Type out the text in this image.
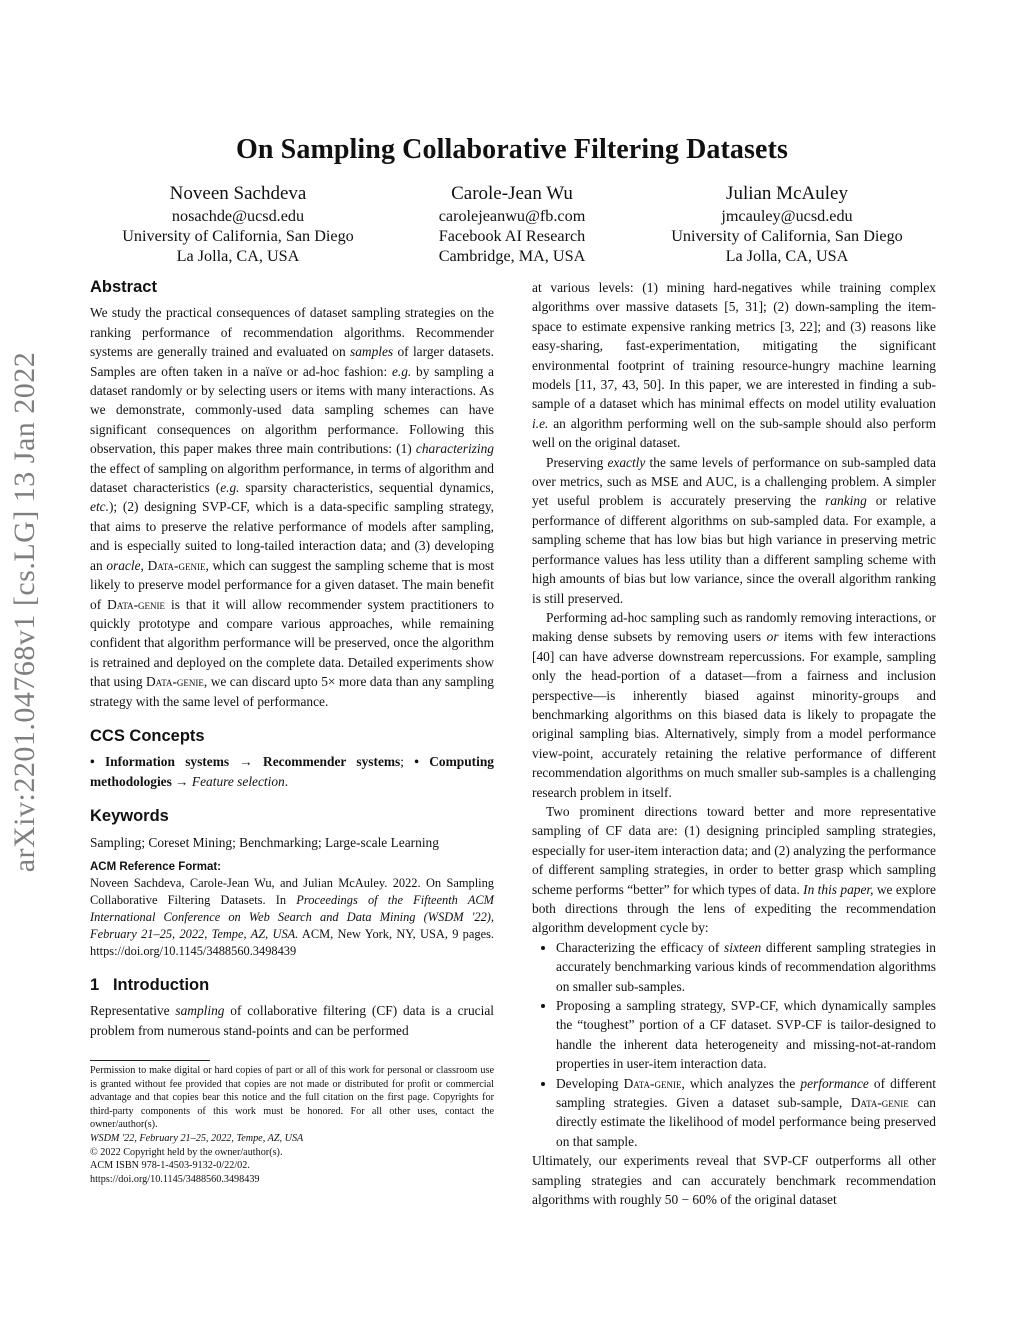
arXiv:2201.04768v1 [cs.LG] 13 Jan 2022
On Sampling Collaborative Filtering Datasets
Noveen Sachdeva
nosachde@ucsd.edu
University of California, San Diego
La Jolla, CA, USA
Carole-Jean Wu
carolejeanwu@fb.com
Facebook AI Research
Cambridge, MA, USA
Julian McAuley
jmcauley@ucsd.edu
University of California, San Diego
La Jolla, CA, USA

Abstract

We study the practical consequences of dataset sampling strategies on the ranking performance of recommendation algorithms. Recommender systems are generally trained and evaluated on samples of larger datasets. Samples are often taken in a naïve or ad-hoc fashion: e.g. by sampling a dataset randomly or by selecting users or items with many interactions. As we demonstrate, commonly-used data sampling schemes can have significant consequences on algorithm performance. Following this observation, this paper makes three main contributions: (1) characterizing the effect of sampling on algorithm performance, in terms of algorithm and dataset characteristics (e.g. sparsity characteristics, sequential dynamics, etc.); (2) designing SVP-CF, which is a data-specific sampling strategy, that aims to preserve the relative performance of models after sampling, and is especially suited to long-tailed interaction data; and (3) developing an oracle, Data-genie, which can suggest the sampling scheme that is most likely to preserve model performance for a given dataset. The main benefit of Data-genie is that it will allow recommender system practitioners to quickly prototype and compare various approaches, while remaining confident that algorithm performance will be preserved, once the algorithm is retrained and deployed on the complete data. Detailed experiments show that using Data-genie, we can discard upto 5× more data than any sampling strategy with the same level of performance.

CCS Concepts

• Information systems → Recommender systems; • Computing methodologies → Feature selection.

Keywords

Sampling; Coreset Mining; Benchmarking; Large-scale Learning

ACM Reference Format:

Noveen Sachdeva, Carole-Jean Wu, and Julian McAuley. 2022. On Sampling Collaborative Filtering Datasets. In Proceedings of the Fifteenth ACM International Conference on Web Search and Data Mining (WSDM '22), February 21–25, 2022, Tempe, AZ, USA. ACM, New York, NY, USA, 9 pages. https://doi.org/10.1145/3488560.3498439

1 Introduction

Representative sampling of collaborative filtering (CF) data is a crucial problem from numerous stand-points and can be performed

Permission to make digital or hard copies of part or all of this work for personal or classroom use is granted without fee provided that copies are not made or distributed for profit or commercial advantage and that copies bear this notice and the full citation on the first page. Copyrights for third-party components of this work must be honored. For all other uses, contact the owner/author(s).
WSDM '22, February 21–25, 2022, Tempe, AZ, USA
© 2022 Copyright held by the owner/author(s).
ACM ISBN 978-1-4503-9132-0/22/02.
https://doi.org/10.1145/3488560.3498439

at various levels: (1) mining hard-negatives while training complex algorithms over massive datasets [5, 31]; (2) down-sampling the item-space to estimate expensive ranking metrics [3, 22]; and (3) reasons like easy-sharing, fast-experimentation, mitigating the significant environmental footprint of training resource-hungry machine learning models [11, 37, 43, 50]. In this paper, we are interested in finding a sub-sample of a dataset which has minimal effects on model utility evaluation i.e. an algorithm performing well on the sub-sample should also perform well on the original dataset.

Preserving exactly the same levels of performance on sub-sampled data over metrics, such as MSE and AUC, is a challenging problem. A simpler yet useful problem is accurately preserving the ranking or relative performance of different algorithms on sub-sampled data. For example, a sampling scheme that has low bias but high variance in preserving metric performance values has less utility than a different sampling scheme with high amounts of bias but low variance, since the overall algorithm ranking is still preserved.

Performing ad-hoc sampling such as randomly removing interactions, or making dense subsets by removing users or items with few interactions [40] can have adverse downstream repercussions. For example, sampling only the head-portion of a dataset—from a fairness and inclusion perspective—is inherently biased against minority-groups and benchmarking algorithms on this biased data is likely to propagate the original sampling bias. Alternatively, simply from a model performance view-point, accurately retaining the relative performance of different recommendation algorithms on much smaller sub-samples is a challenging research problem in itself.

Two prominent directions toward better and more representative sampling of CF data are: (1) designing principled sampling strategies, especially for user-item interaction data; and (2) analyzing the performance of different sampling strategies, in order to better grasp which sampling scheme performs “better” for which types of data. In this paper, we explore both directions through the lens of expediting the recommendation algorithm development cycle by:

• Characterizing the efficacy of sixteen different sampling strategies in accurately benchmarking various kinds of recommendation algorithms on smaller sub-samples.
• Proposing a sampling strategy, SVP-CF, which dynamically samples the “toughest” portion of a CF dataset. SVP-CF is tailor-designed to handle the inherent data heterogeneity and missing-not-at-random properties in user-item interaction data.
• Developing Data-genie, which analyzes the performance of different sampling strategies. Given a dataset sub-sample, Data-genie can directly estimate the likelihood of model performance being preserved on that sample.

Ultimately, our experiments reveal that SVP-CF outperforms all other sampling strategies and can accurately benchmark recommendation algorithms with roughly 50 − 60% of the original dataset
